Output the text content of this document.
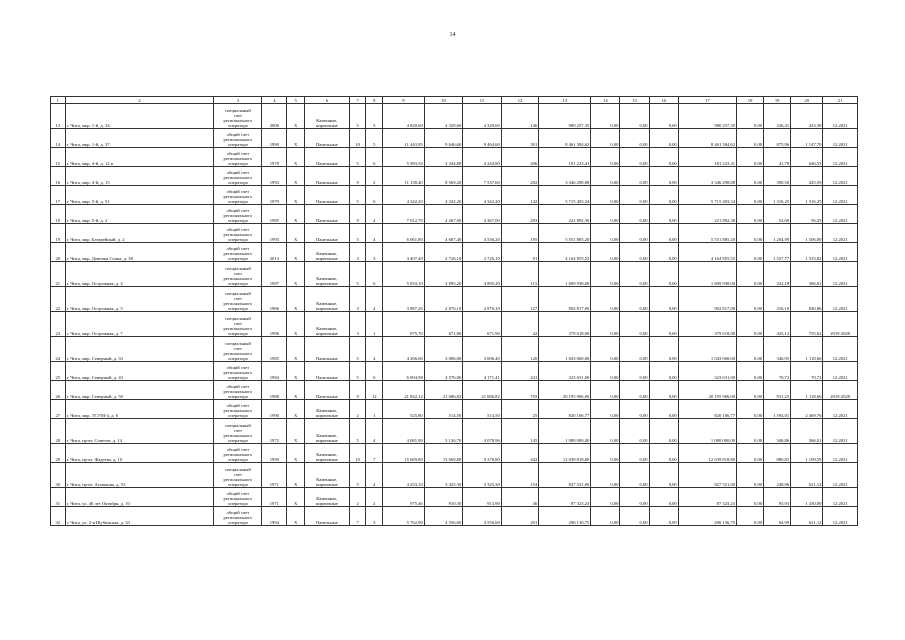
14
1	2	3	4	5	6	7	8	9	10	11	12	13	14	15	16	17	18	19	20	21
13	г. Чита, мкр. 1-й, д. 34	специальный
счет
регионального
оператора	2006	X	Каменные,
кирпичные	5	3	4 820,60	4 329,60	4 329,60	146	980 257,35	0,00	0,00	0,00	980 257,35	0,00	226,41	423,39	12.2021
14	г. Чита, мкр. 1-й, д. 37	общий счет
регионального
оператора	1990	X	Панельные	10	5	11 443,95	9 646,60	9 464,60	391	8 461 384,62	0,00	0,00	0,00	8 461 384,62	0,00	875,96	1 147,70	12.2021
15	г. Чита, мкр. 4-й, д. 12 в	общий счет
регионального
оператора	1978	X	Панельные	5	6	5 983,50	4 344,80	4 244,80	206	181 223,41	0,00	0,00	0,00	181 223,41	0,00	41,78	646,53	12.2021
16	г. Чита, мкр. 4-й, д. 15	общий счет
регионального
оператора	1993	X	Панельные	9	2	11 158,40	8 569,20	7 537,60	202	3 346 298,88	0,00	0,00	0,00	3 346 298,88	0,00	390,50	425,59	12.2021
17	г. Чита, мкр. 5-й, д. 51	общий счет
регионального
оператора	1979	X	Панельные	5	6	4 342,20	4 342,20	4 342,20	142	5 715 403,34	0,00	0,00	0,00	5 715 403,34	0,00	1 316,25	1 316,25	12.2021
18	г. Чита, мкр. 5-й, д. 2	общий счет
регионального
оператора	1985	X	Панельные	9	4	7 012,70	4 267,00	4 267,00	293	221 892,30	0,00	0,00	0,00	221 892,30	0,00	52,00	56,25	12.2021
19	г. Чита, мкр. Батарейный, д. 2	общий счет
регионального
оператора	1993	X	Панельные	5	4	6 061,80	4 607,40	4 536,20	195	5 551 885,20	0,00	0,00	0,00	5 551 885,20	0,00	1 204,99	1 506,00	12.2021
20	г. Чита, мкр. Девичья Сопка, д. 38	общий счет
регионального
оператора	2013	X	Каменные,
кирпичные	3	3	3 407,40	2 726,10	2 726,10	91	4 164 855,55	0,00	0,00	0,00	4 164 855,55	0,00	1 527,77	1 533,82	12.2021
21	г. Чита, мкр. Острожная, д. 4	специальный
счет
регионального
оператора	1987	X	Каменные,
кирпичные	5	6	5 833,10	4 895,20	4 895,20	115	1 609 938,00	0,00	0,00	0,00	1 609 938,00	0,00	322,18	366,01	12.2021
22	г. Чита, мкр. Острожная, д. 5	специальный
счет
регионального
оператора	1986	X	Каменные,
кирпичные	3	4	3 887,20	2 876,10	2 876,10	127	902 817,00	0,00	0,00	0,00	902 817,00	0,00	316,10	840,86	12.2021
23	г. Чита, мкр. Острожная, д. 7	специальный
счет
регионального
оператора	1996	X	Каменные,
кирпичные	3	1	975,70	671,80	671,90	42	379 618,00	0,00	0,00	0,00	379 618,00	0,00	425,12	755,62	2019-2020
24	г. Чита, мкр. Северный, д. 33	специальный
счет
регионального
оператора	1985	X	Панельные	5	4	4 266,60	3 006,00	3 006,40	120	1 043 060,00	0,00	0,00	0,00	1 043 060,00	0,00	346,95	1 118,66	12.2021
25	г. Чита, мкр. Северный, д. 43	общий счет
регионального
оператора	1984	X	Панельные	5	6	6 094,98	4 576,00	4 171,41	241	323 631,00	0,00	0,00	0,00	323 631,00	0,00	70,72	70,72	12.2021
26	г. Чита, мкр. Северный, д. 50	общий счет
регионального
оператора	1988	X	Панельные	9	12	21 842,12	21 686,82	21 686,82	755	20 195 906,00	0,00	0,00	0,00	20 195 906,00	0,00	931,25	1 118,66	2019-2020
27	г. Чита, мкр. ТСУМ-4, д. 6	общий счет
регионального
оператора	1990	X	Каменные,
кирпичные	2	1	525,80	514,50	514,50	25	820 106,77	0,00	0,00	0,00	820 106,77	0,00	1 594,01	2 469,76	12.2021
28	г. Чита, пр-кт. Советов, д. 14	специальный
счет
регионального
оператора	1972	X	Каменные,
кирпичные	5	4	4 081,90	3 126,70	3 078,96	145	1 088 000,00	0,00	0,00	0,00	1 088 000,00	0,00	346,86	366,01	12.2021
29	г. Чита, пр-кт. Фадеева, д. 10	общий счет
регионального
оператора	1990	X	Каменные,
кирпичные	10	7	15 669,80	13 669,80	9 378,80	442	12 039 818,80	0,00	0,00	0,00	12 039 818,80	0,00	880,81	1 109,59	12.2021
30	г. Чита, пр-кт. Агошкова, д. 53	специальный
счет
регионального
оператора	1971	X	Каменные,
кирпичные	5	4	4 253,10	3 325,30	3 325,30	154	827 521,00	0,00	0,00	0,00	827 521,00	0,00	248,86	621,12	12.2021
31	г. Чита, ул. 40 лет Октября, д. 10	общий счет
регионального
оператора	1971	X	Каменные,
кирпичные	2	2	975,46	910,30	913,90	46	87 323,23	0,00	0,00	0,00	87 323,23	0,00	95,93	1 430,00	12.2021
32	г. Чита, ул. 2-я Шубинская, д. 33	общий счет
регионального
оператора	1994	X	Панельные	7	3	5 762,90	4 556,60	4 556,60	201	296 136,75	0,00	0,00	0,00	296 136,75	0,00	64,99	621,12	12.2021
